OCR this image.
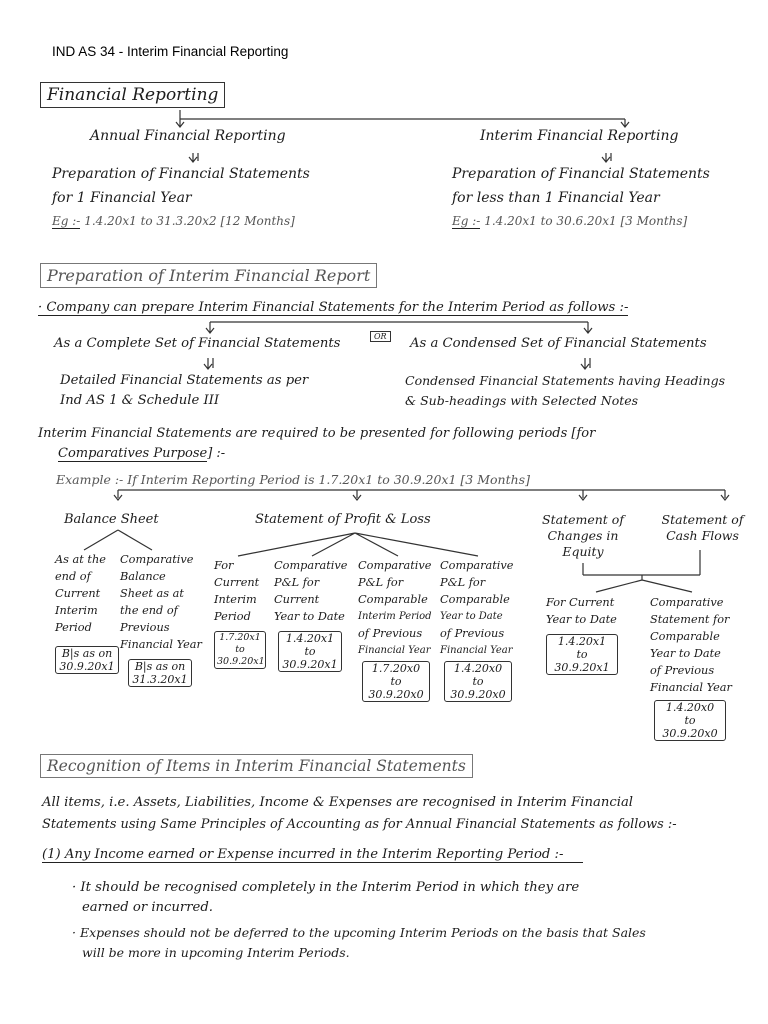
IND AS 34 - Interim Financial Reporting
Financial Reporting
Annual Financial Reporting
Preparation of Financial Statements
for 1 Financial Year
Eg :- 1.4.20x1 to 31.3.20x2 [12 Months]
Interim Financial Reporting
Preparation of Financial Statements
for less than 1 Financial Year
Eg :- 1.4.20x1 to 30.6.20x1 [3 Months]
Preparation of Interim Financial Report
· Company can prepare Interim Financial Statements for the Interim Period as follows :-
As a Complete Set of Financial Statements	OR	As a Condensed Set of Financial Statements
Detailed Financial Statements as per
Ind AS 1 & Schedule III
Condensed Financial Statements having Headings
& Sub-headings with Selected Notes
Interim Financial Statements are required to be presented for following periods [for
Comparatives Purpose] :-
Example :- If Interim Reporting Period is 1.7.20x1 to 30.9.20x1 [3 Months]
Balance Sheet	Statement of Profit & Loss	Statement of
Changes in
Equity
Statement of
Cash Flows
As at the
end of
Current
Interim
Period
B|s as on
30.9.20x1
Comparative
Balance
Sheet as at
the end of
Previous
Financial Year
B|s as on
31.3.20x1
For
Current
Interim
Period
1.7.20x1
to
30.9.20x1
Comparative
P&L for
Current
Year to Date
1.4.20x1
to
30.9.20x1
Comparative
P&L for
Comparable
Interim Period
of Previous
Financial Year
1.7.20x0
to
30.9.20x0
Comparative
P&L for
Comparable
Year to Date
of Previous
Financial Year
1.4.20x0
to
30.9.20x0
For Current
Year to Date
1.4.20x1
to
30.9.20x1
Comparative
Statement for
Comparable
Year to Date
of Previous
Financial Year
1.4.20x0
to
30.9.20x0
Recognition of Items in Interim Financial Statements
All items, i.e. Assets, Liabilities, Income & Expenses are recognised in Interim Financial
Statements using Same Principles of Accounting as for Annual Financial Statements as follows :-
(1) Any Income earned or Expense incurred in the Interim Reporting Period :-
· It should be recognised completely in the Interim Period in which they are
earned or incurred.
· Expenses should not be deferred to the upcoming Interim Periods on the basis that Sales
will be more in upcoming Interim Periods.
